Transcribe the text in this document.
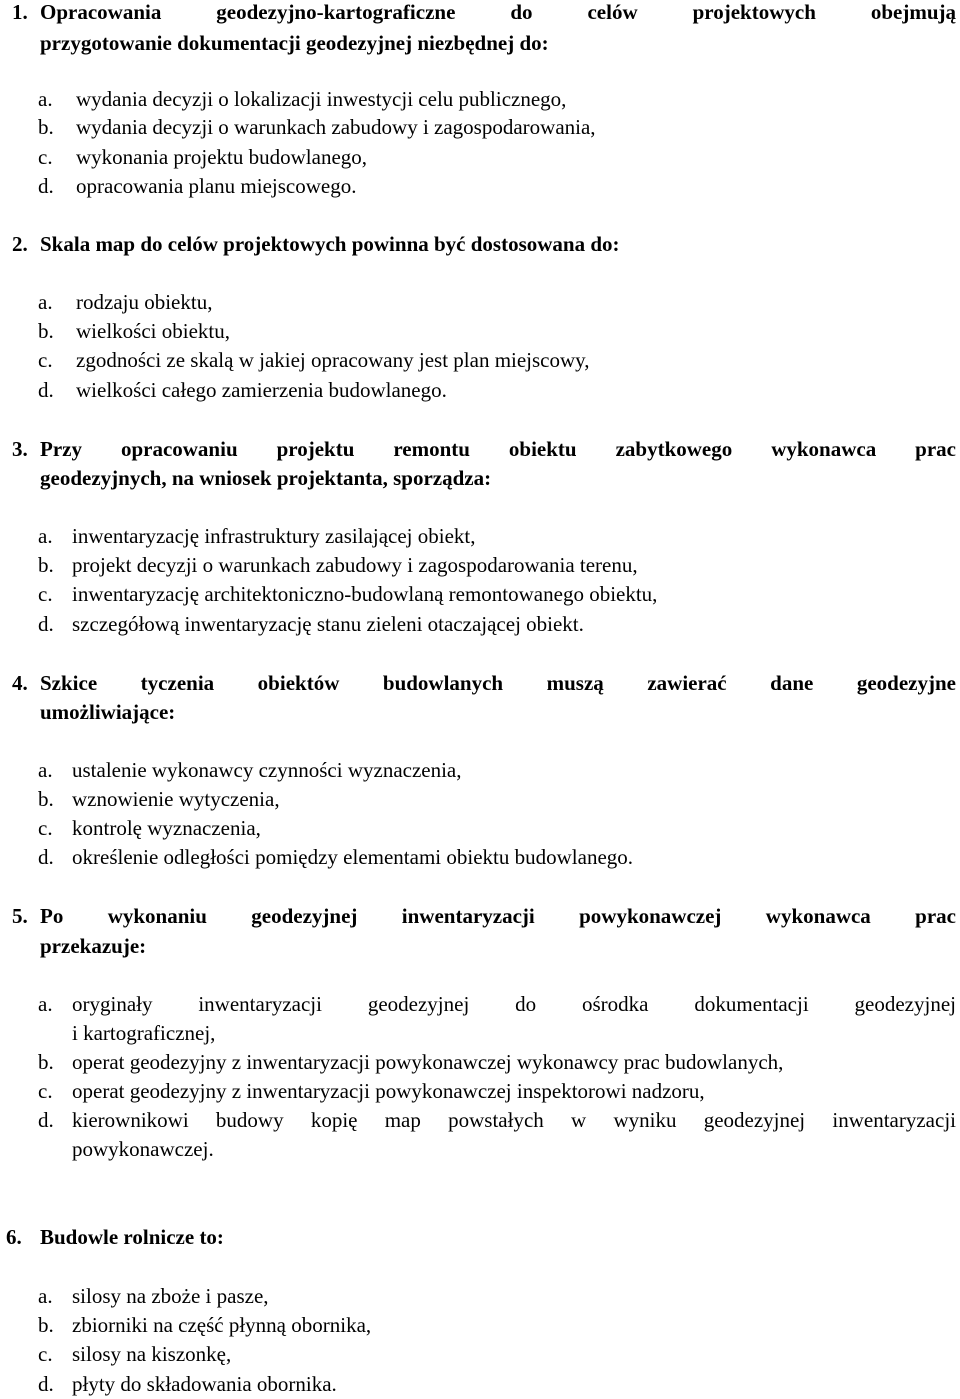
1. Opracowania geodezyjno-kartograficzne do celów projektowych obejmują
przygotowanie dokumentacji geodezyjnej niezbędnej do:
a. wydania decyzji o lokalizacji inwestycji celu publicznego,
b. wydania decyzji o warunkach zabudowy i zagospodarowania,
c. wykonania projektu budowlanego,
d. opracowania planu miejscowego.
2. Skala map do celów projektowych powinna być dostosowana do:
a. rodzaju obiektu,
b. wielkości obiektu,
c. zgodności ze skalą w jakiej opracowany jest plan miejscowy,
d. wielkości całego zamierzenia budowlanego.
3. Przy opracowaniu projektu remontu obiektu zabytkowego wykonawca prac
geodezyjnych, na wniosek projektanta, sporządza:
a. inwentaryzację infrastruktury zasilającej obiekt,
b. projekt decyzji o warunkach zabudowy i zagospodarowania terenu,
c. inwentaryzację architektoniczno-budowlaną remontowanego obiektu,
d. szczegółową inwentaryzację stanu zieleni otaczającej obiekt.
4. Szkice tyczenia obiektów budowlanych muszą zawierać dane geodezyjne
umożliwiające:
a. ustalenie wykonawcy czynności wyznaczenia,
b. wznowienie wytyczenia,
c. kontrolę wyznaczenia,
d. określenie odległości pomiędzy elementami obiektu budowlanego.
5. Po wykonaniu geodezyjnej inwentaryzacji powykonawczej wykonawca prac
przekazuje:
a. oryginały inwentaryzacji geodezyjnej do ośrodka dokumentacji geodezyjnej
i kartograficznej,
b. operat geodezyjny z inwentaryzacji powykonawczej wykonawcy prac budowlanych,
c. operat geodezyjny z inwentaryzacji powykonawczej inspektorowi nadzoru,
d. kierownikowi budowy kopię map powstałych w wyniku geodezyjnej inwentaryzacji
powykonawczej.
6. Budowle rolnicze to:
a. silosy na zboże i pasze,
b. zbiorniki na część płynną obornika,
c. silosy na kiszonkę,
d. płyty do składowania obornika.
